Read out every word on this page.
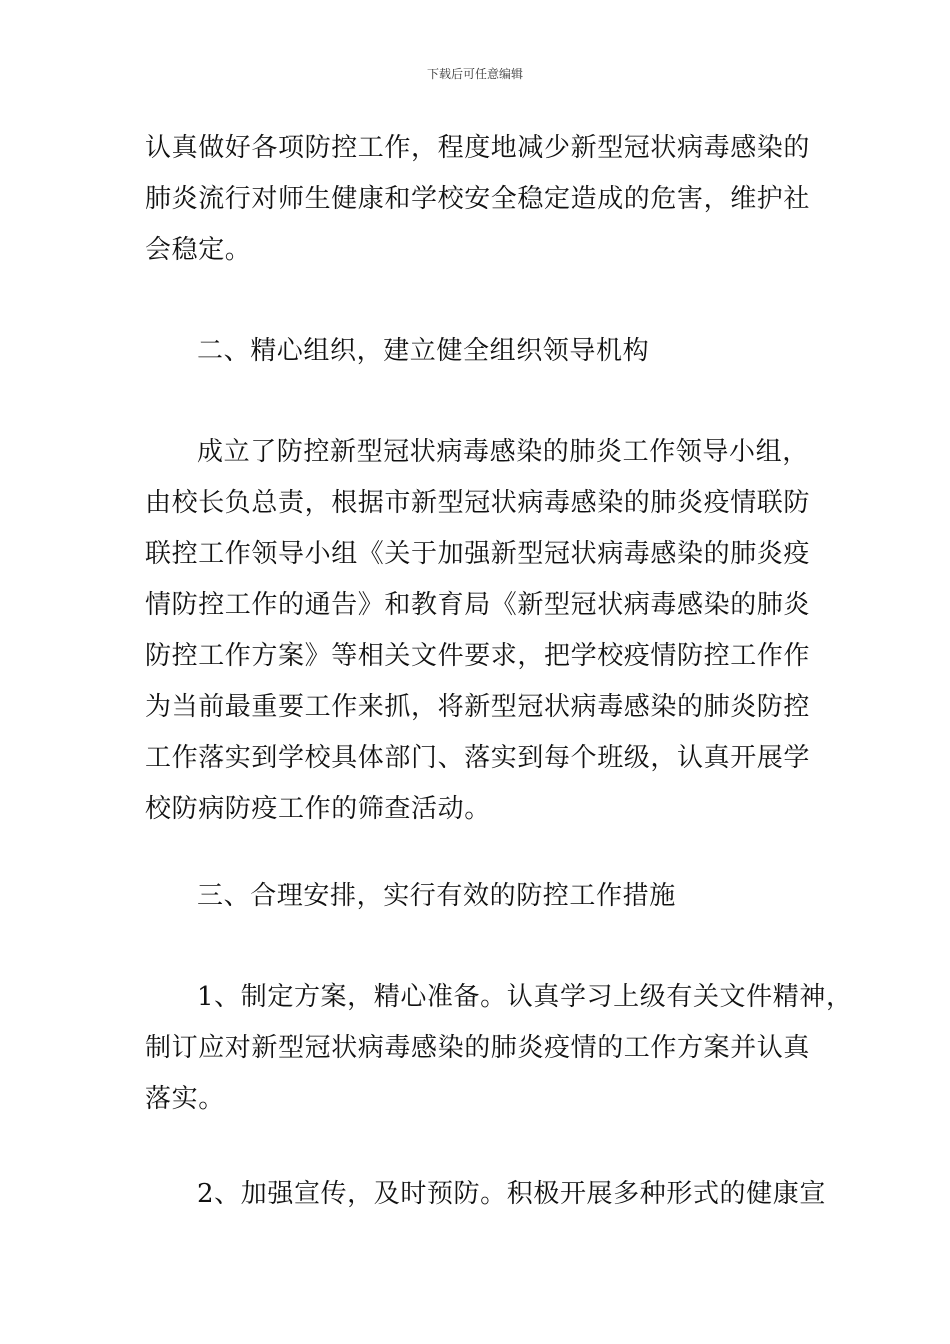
下载后可任意编辑
认真做好各项防控工作，程度地减少新型冠状病毒感染的
肺炎流行对师生健康和学校安全稳定造成的危害，维护社
会稳定。
二、精心组织，建立健全组织领导机构
成立了防控新型冠状病毒感染的肺炎工作领导小组，
由校长负总责，根据市新型冠状病毒感染的肺炎疫情联防
联控工作领导小组《关于加强新型冠状病毒感染的肺炎疫
情防控工作的通告》和教育局《新型冠状病毒感染的肺炎
防控工作方案》等相关文件要求，把学校疫情防控工作作
为当前最重要工作来抓，将新型冠状病毒感染的肺炎防控
工作落实到学校具体部门、落实到每个班级，认真开展学
校防病防疫工作的筛查活动。
三、合理安排，实行有效的防控工作措施
1、制定方案，精心准备。认真学习上级有关文件精神，
制订应对新型冠状病毒感染的肺炎疫情的工作方案并认真
落实。
2、加强宣传，及时预防。积极开展多种形式的健康宣
